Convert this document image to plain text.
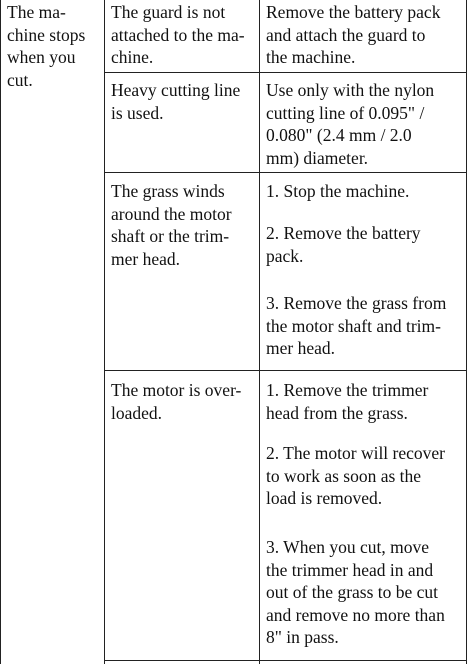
The ma-
chine stops
when you
cut.
The guard is not
attached to the ma-
chine.
Remove the battery pack
and attach the guard to
the machine.
Heavy cutting line
is used.
Use only with the nylon
cutting line of 0.095" /
0.080" (2.4 mm / 2.0
mm) diameter.
The grass winds
around the motor
shaft or the trim-
mer head.
1. Stop the machine.
2. Remove the battery
pack.
3. Remove the grass from
the motor shaft and trim-
mer head.
The motor is over-
loaded.
1. Remove the trimmer
head from the grass.
2. The motor will recover
to work as soon as the
load is removed.
3. When you cut, move
the trimmer head in and
out of the grass to be cut
and remove no more than
8" in pass.
